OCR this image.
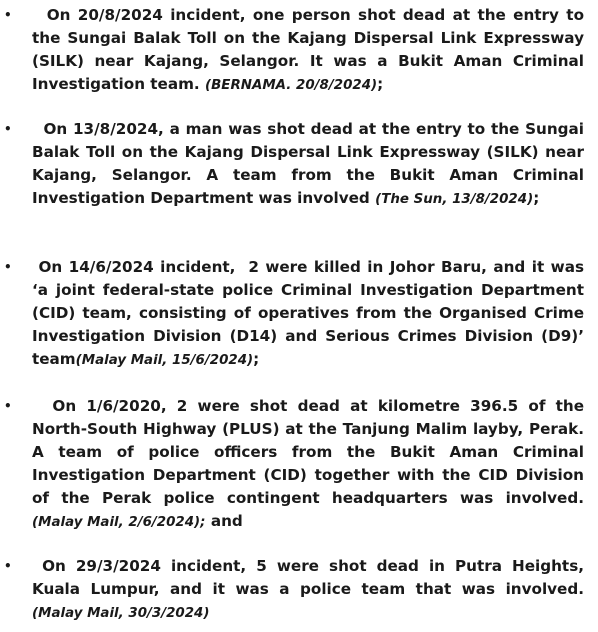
• On 20/8/2024 incident, one person shot dead at the entry to the Sungai Balak Toll on the Kajang Dispersal Link Expressway (SILK) near Kajang, Selangor. It was a Bukit Aman Criminal Investigation team. (BERNAMA. 20/8/2024);

• On 13/8/2024, a man was shot dead at the entry to the Sungai Balak Toll on the Kajang Dispersal Link Expressway (SILK) near Kajang, Selangor. A team from the Bukit Aman Criminal Investigation Department was involved (The Sun, 13/8/2024);

• On 14/6/2024 incident,  2 were killed in Johor Baru, and it was ‘a joint federal-state police Criminal Investigation Department (CID) team, consisting of operatives from the Organised Crime Investigation Division (D14) and Serious Crimes Division (D9)’ team(Malay Mail, 15/6/2024);

• On 1/6/2020, 2 were shot dead at kilometre 396.5 of the North-South Highway (PLUS) at the Tanjung Malim layby, Perak. A team of police officers from the Bukit Aman Criminal Investigation Department (CID) together with the CID Division of the Perak police contingent headquarters was involved. (Malay Mail, 2/6/2024); and

• On 29/3/2024 incident, 5 were shot dead in Putra Heights, Kuala Lumpur, and it was a police team that was involved. (Malay Mail, 30/3/2024)
